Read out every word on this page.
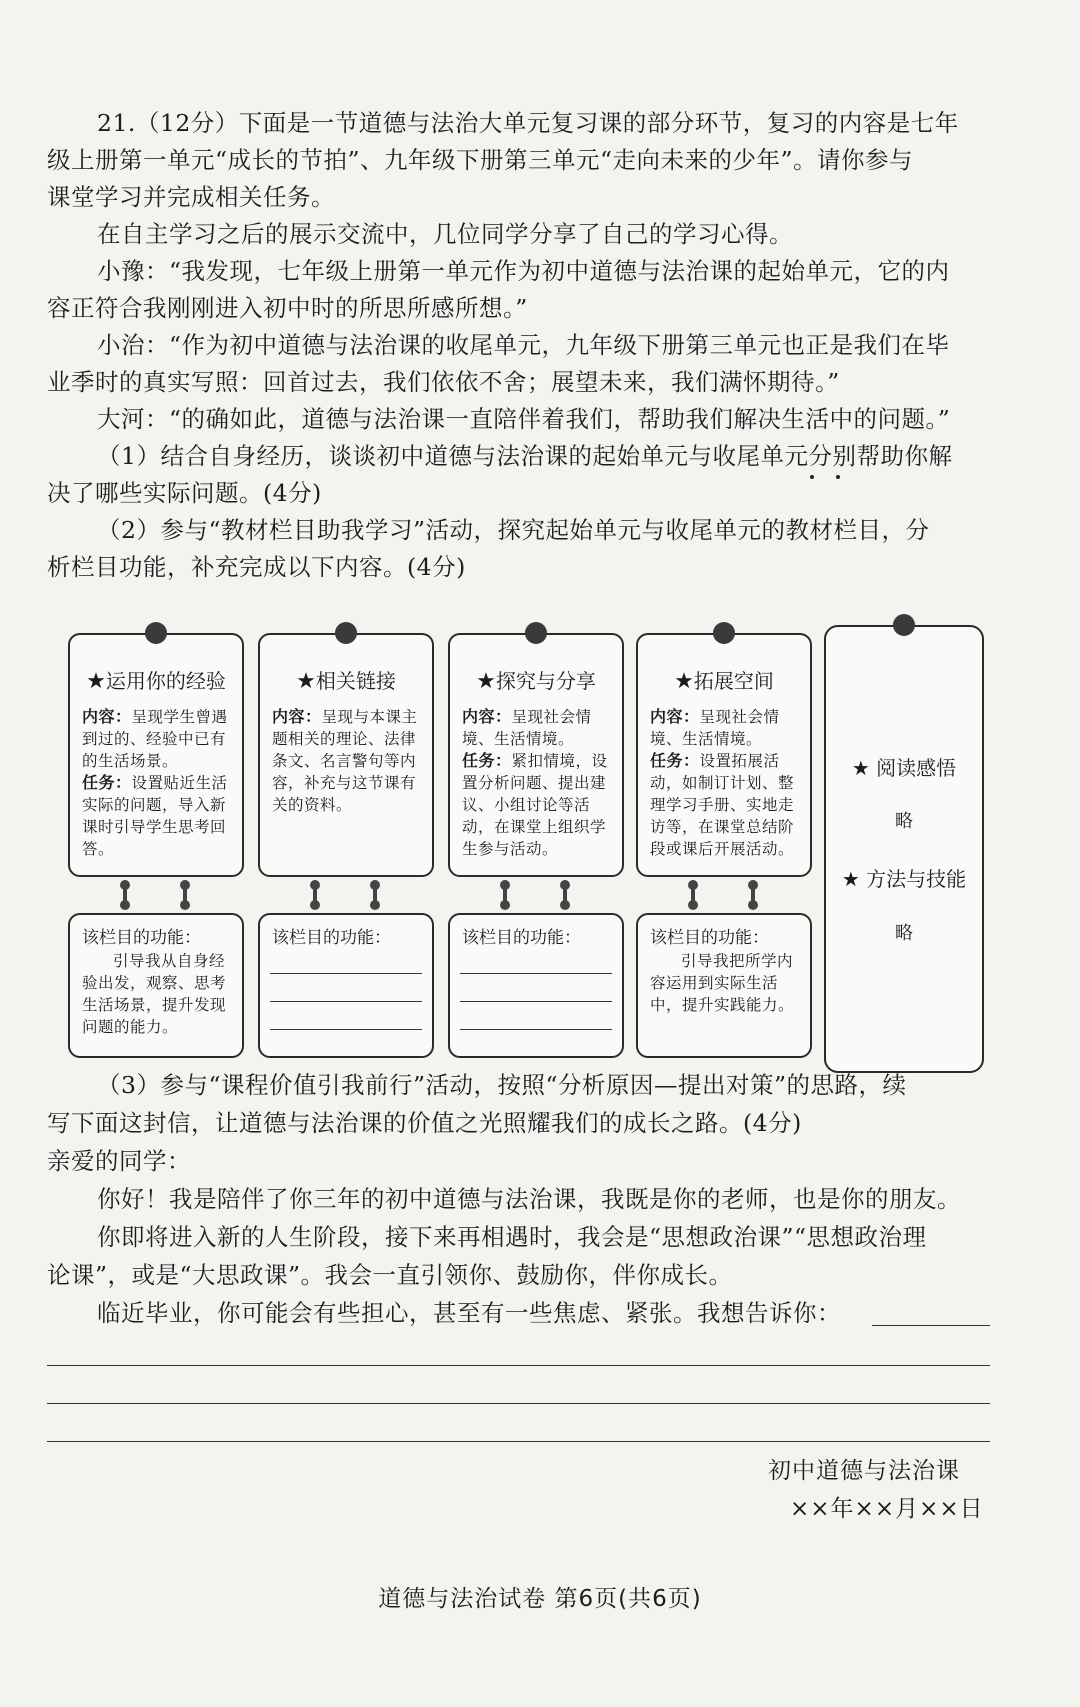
21.（12分）下面是一节道德与法治大单元复习课的部分环节，复习的内容是七年
级上册第一单元“成长的节拍”、九年级下册第三单元“走向未来的少年”。请你参与
课堂学习并完成相关任务。
在自主学习之后的展示交流中，几位同学分享了自己的学习心得。
小豫：“我发现，七年级上册第一单元作为初中道德与法治课的起始单元，它的内
容正符合我刚刚进入初中时的所思所感所想。”
小治：“作为初中道德与法治课的收尾单元，九年级下册第三单元也正是我们在毕
业季时的真实写照：回首过去，我们依依不舍；展望未来，我们满怀期待。”
大河：“的确如此，道德与法治课一直陪伴着我们，帮助我们解决生活中的问题。”
（1）结合自身经历，谈谈初中道德与法治课的起始单元与收尾单元分别帮助你解
决了哪些实际问题。(4分)
（2）参与“教材栏目助我学习”活动，探究起始单元与收尾单元的教材栏目，分
析栏目功能，补充完成以下内容。(4分)
★运用你的经验
内容：呈现学生曾遇到过的、经验中已有的生活场景。
任务：设置贴近生活实际的问题，导入新课时引导学生思考回答。
该栏目的功能：
引导我从自身经验出发，观察、思考生活场景，提升发现问题的能力。
★相关链接
内容：呈现与本课主题相关的理论、法律条文、名言警句等内容，补充与这节课有关的资料。
该栏目的功能：
★探究与分享
内容：呈现社会情境、生活情境。
任务：紧扣情境，设置分析问题、提出建议、小组讨论等活动，在课堂上组织学生参与活动。
该栏目的功能：
★拓展空间
内容：呈现社会情境、生活情境。
任务：设置拓展活动，如制订计划、整理学习手册、实地走访等，在课堂总结阶段或课后开展活动。
该栏目的功能：
引导我把所学内容运用到实际生活中，提升实践能力。
★ 阅读感悟
略
★ 方法与技能
略
（3）参与“课程价值引我前行”活动，按照“分析原因—提出对策”的思路，续
写下面这封信，让道德与法治课的价值之光照耀我们的成长之路。(4分)
亲爱的同学：
你好！我是陪伴了你三年的初中道德与法治课，我既是你的老师，也是你的朋友。
你即将进入新的人生阶段，接下来再相遇时，我会是“思想政治课”“思想政治理
论课”，或是“大思政课”。我会一直引领你、鼓励你，伴你成长。
临近毕业，你可能会有些担心，甚至有一些焦虑、紧张。我想告诉你：
初中道德与法治课
××年××月××日
道德与法治试卷 第6页(共6页)
